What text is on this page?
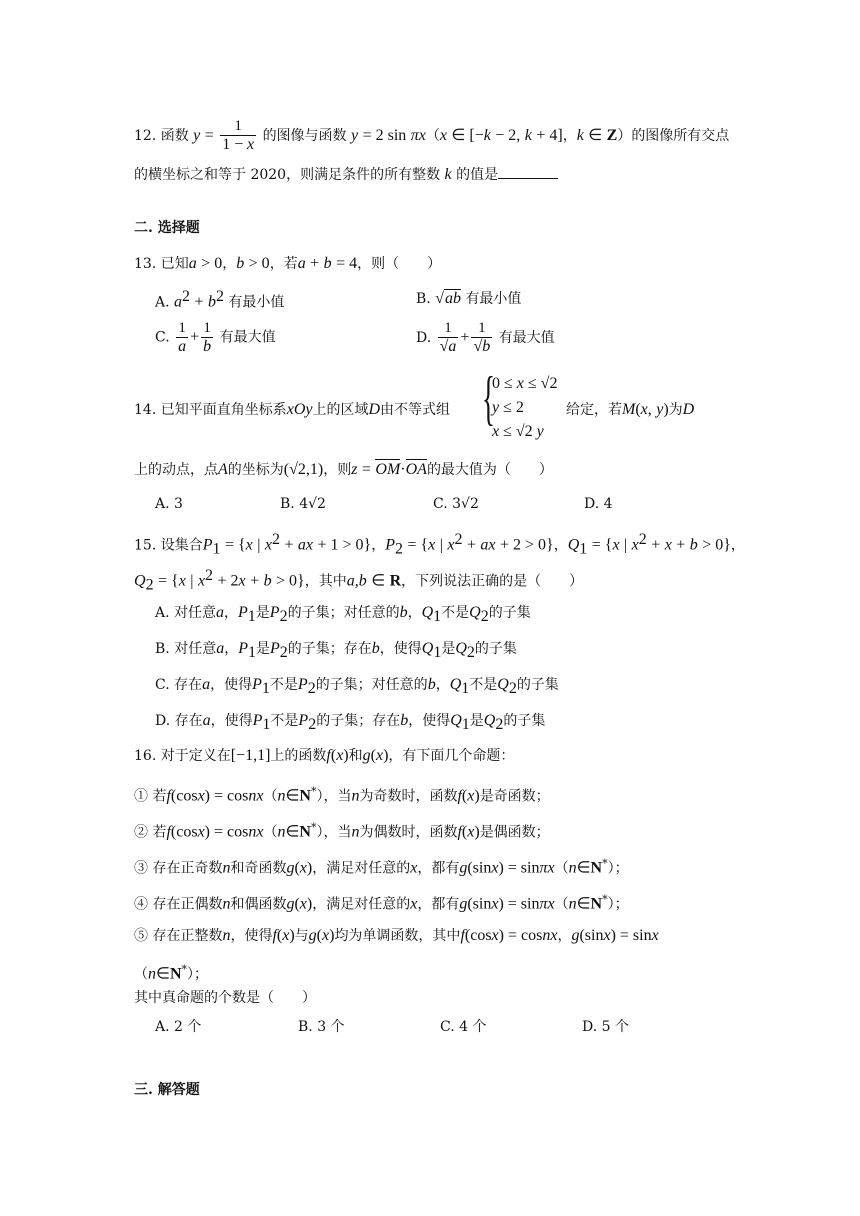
12. 函数 $y = \frac{1}{1 - x}$ 的图像与函数 y = 2 sin πx（x ∈ [−k − 2, k + 4]，k ∈ Z）的图像所有交点
的横坐标之和等于 2020，则满足条件的所有整数 k 的值是
二. 选择题
13. 已知a > 0，b > 0，若a + b = 4，则（　　）
A. $a^2 + b^2$ 有最小值	B. √ab 有最小值
C. $\frac{1}{a} + \frac{1}{b}$ 有最大值	D. $\frac{1}{√a} + \frac{1}{√b}$ 有最大值
{
0 ≤ x ≤ √2
y ≤ 2
x ≤ √2 y
14. 已知平面直角坐标系xOy上的区域D由不等式组	给定，若M(x, y)为D
上的动点，点A的坐标为(√2,1)，则z = OM·OA的最大值为（　　）
A. 3	B. 4√2	C. 3√2	D. 4
15. 设集合$P_1 = \{x$ | $x^2$ + ax + 1 > 0}，$P_2 = \{x$ | $x^2$ + ax + 2 > 0}，$Q_1 = \{x$ | $x^2 + x + b > 0$}，
$Q_2 = \{x$ | $x^2 + 2x + b > 0$}，其中a,b ∈ R，下列说法正确的是（　　）
A. 对任意a，$P_1$是$P_2$的子集；对任意的b，$Q_1$不是$Q_2$的子集
B. 对任意a，$P_1$是$P_2$的子集；存在b，使得$Q_1$是$Q_2$的子集
C. 存在a，使得$P_1$不是$P_2$的子集；对任意的b，$Q_1$不是$Q_2$的子集
D. 存在a，使得$P_1$不是$P_2$的子集；存在b，使得$Q_1$是$Q_2$的子集
16. 对于定义在[−1,1]上的函数f(x)和g(x)，有下面几个命题：
① 若f(cosx) = cosnx（n∈N*），当n为奇数时，函数f(x)是奇函数；
② 若f(cosx) = cosnx（n∈N*），当n为偶数时，函数f(x)是偶函数；
③ 存在正奇数n和奇函数g(x)，满足对任意的x，都有g(sinx) = sinπx（n∈N*）；
④ 存在正偶数n和偶函数g(x)，满足对任意的x，都有g(sinx) = sinπx（n∈N*）；
⑤ 存在正整数n，使得f(x)与g(x)均为单调函数，其中f(cosx) = cosnx，g(sinx) = sinx
（n∈N*）；
其中真命题的个数是（　　）
A. 2 个	B. 3 个	C. 4 个	D. 5 个
三. 解答题
